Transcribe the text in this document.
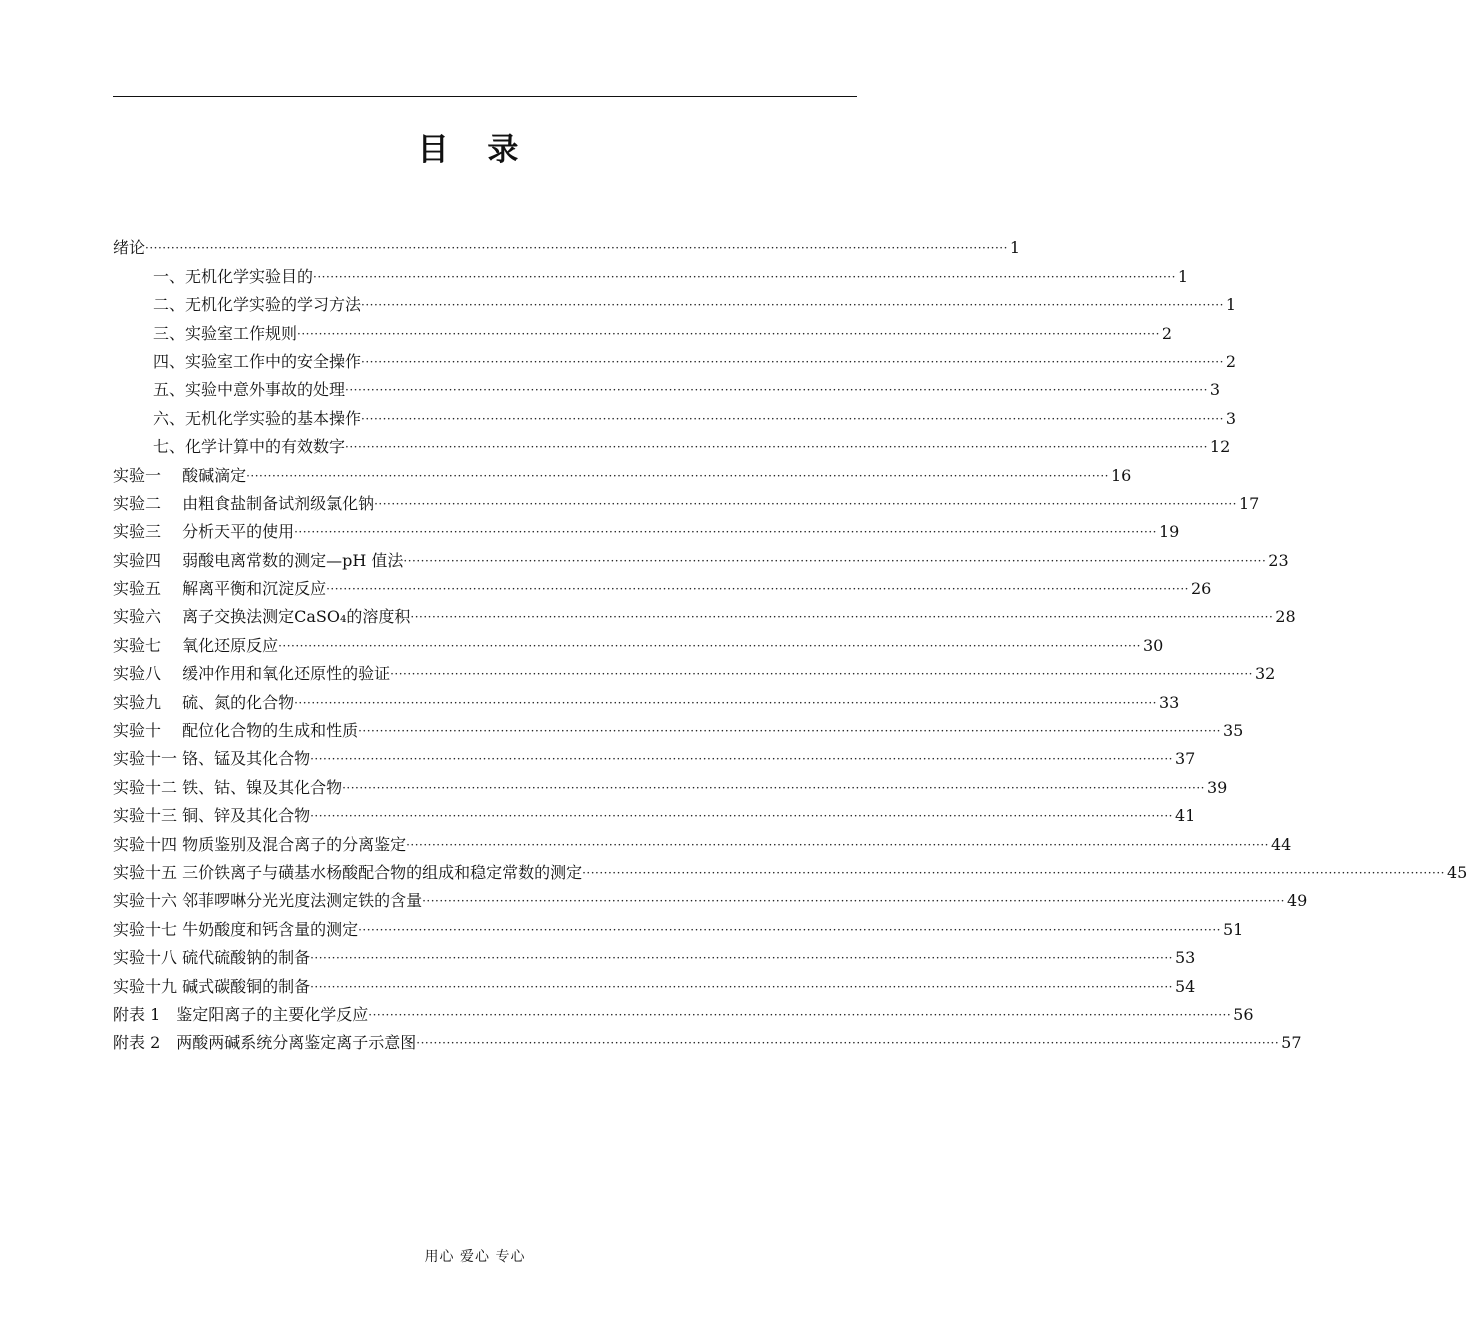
目 录
绪论 ········································································································································································································ 1
一、无机化学实验目的 ········································································································································································································ 1
二、无机化学实验的学习方法 ········································································································································································································ 1
三、实验室工作规则 ········································································································································································································ 2
四、实验室工作中的安全操作 ········································································································································································································ 2
五、实验中意外事故的处理 ········································································································································································································ 3
六、无机化学实验的基本操作 ········································································································································································································ 3
七、化学计算中的有效数字 ········································································································································································································ 12
实验一　 酸碱滴定 ········································································································································································································ 16
实验二　 由粗食盐制备试剂级氯化钠 ········································································································································································································ 17
实验三　 分析天平的使用 ········································································································································································································ 19
实验四　 弱酸电离常数的测定—pH 值法 ········································································································································································································ 23
实验五　 解离平衡和沉淀反应 ········································································································································································································ 26
实验六　 离子交换法测定CaSO₄的溶度积 ········································································································································································································ 28
实验七　 氧化还原反应 ········································································································································································································ 30
实验八　 缓冲作用和氧化还原性的验证 ········································································································································································································ 32
实验九　 硫、氮的化合物 ········································································································································································································ 33
实验十　 配位化合物的生成和性质 ········································································································································································································ 35
实验十一 铬、锰及其化合物 ········································································································································································································ 37
实验十二 铁、钴、镍及其化合物 ········································································································································································································ 39
实验十三 铜、锌及其化合物 ········································································································································································································ 41
实验十四 物质鉴别及混合离子的分离鉴定 ········································································································································································································ 44
实验十五 三价铁离子与磺基水杨酸配合物的组成和稳定常数的测定 ········································································································································································································ 45
实验十六 邻菲啰啉分光光度法测定铁的含量 ········································································································································································································ 49
实验十七 牛奶酸度和钙含量的测定 ········································································································································································································ 51
实验十八 硫代硫酸钠的制备 ········································································································································································································ 53
实验十九 碱式碳酸铜的制备 ········································································································································································································ 54
附表 1　鉴定阳离子的主要化学反应 ········································································································································································································ 56
附表 2　两酸两碱系统分离鉴定离子示意图 ········································································································································································································ 57
用心 爱心 专心
